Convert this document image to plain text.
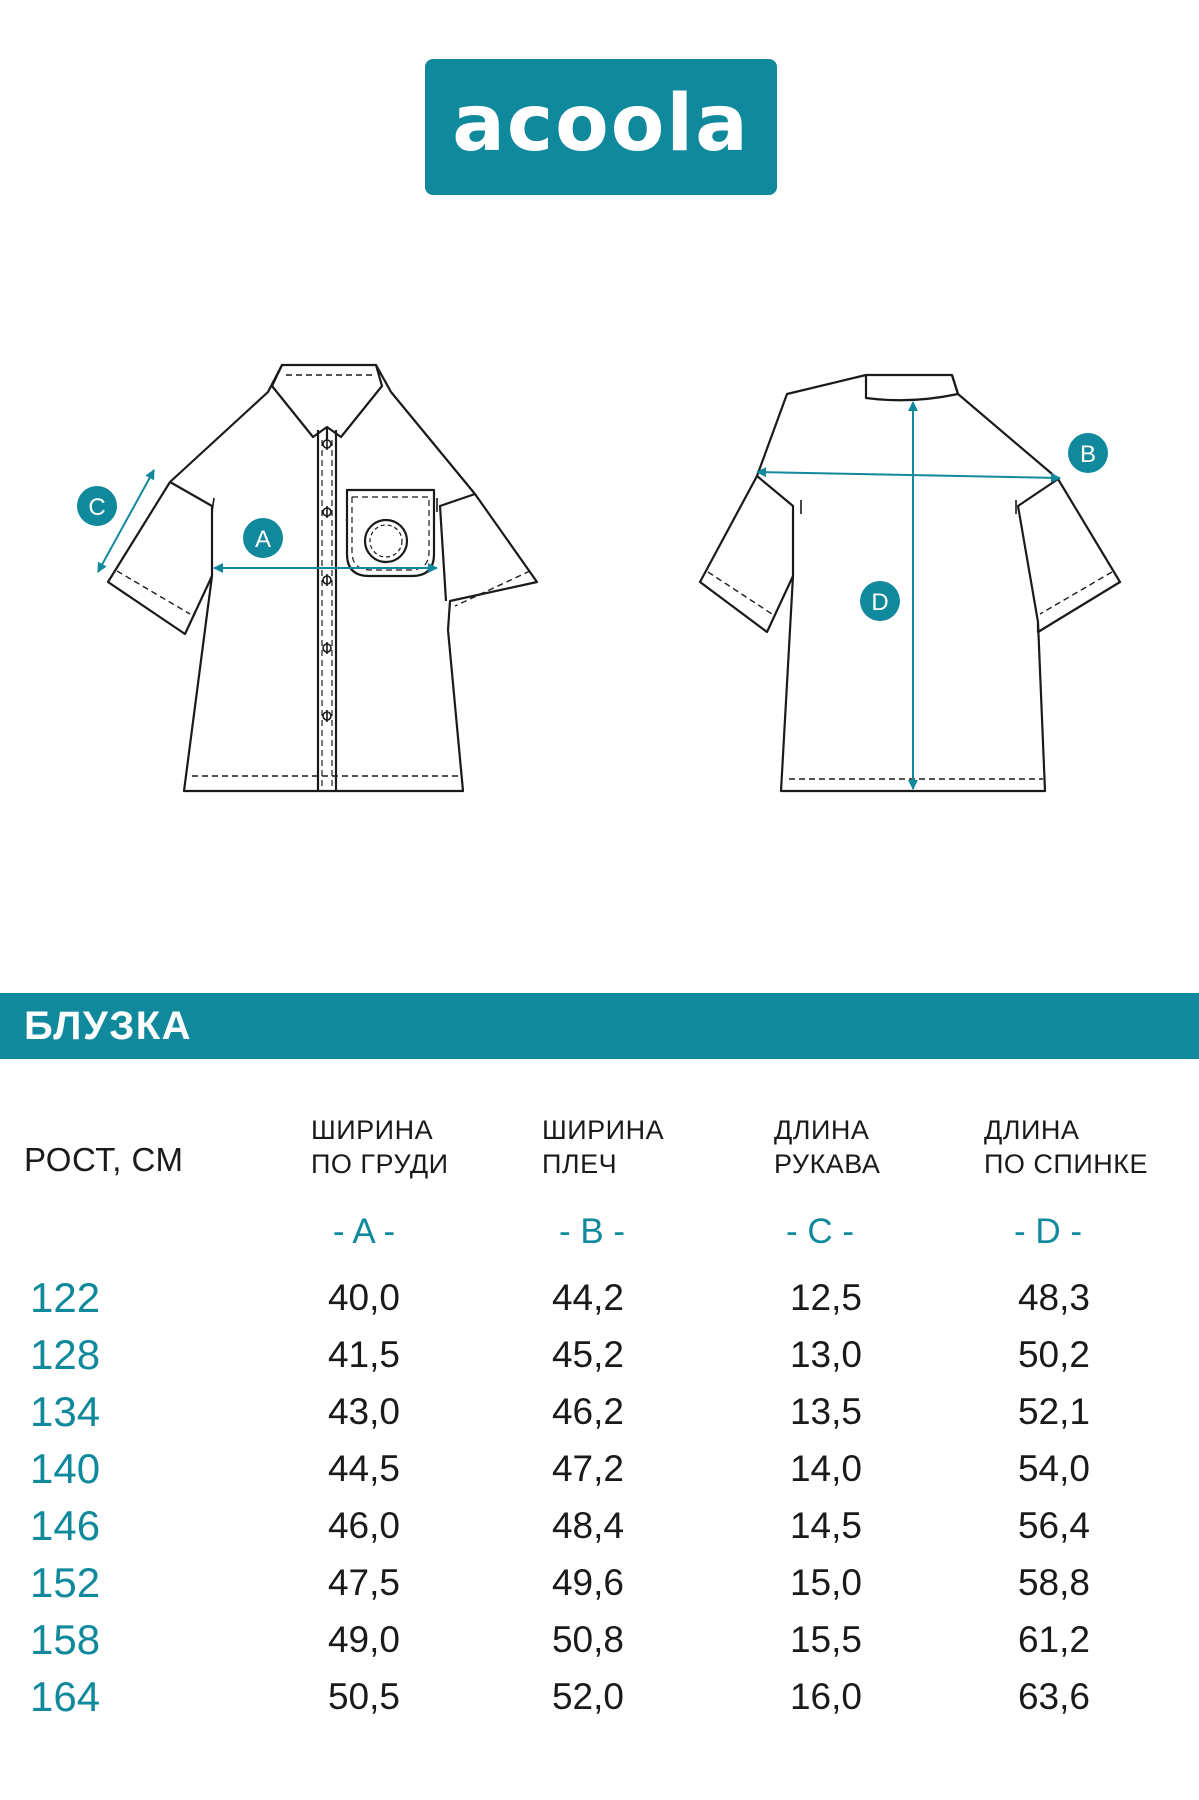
acoola
A
C
B
D
БЛУЗКА
РОСТ, СМ
ШИРИНА
ПО ГРУДИ
ШИРИНА
ПЛЕЧ
ДЛИНА
РУКАВА
ДЛИНА
ПО СПИНКЕ
- A -	- B -	- C -	- D -
122	40,0	44,2	12,5	48,3
128	41,5	45,2	13,0	50,2
134	43,0	46,2	13,5	52,1
140	44,5	47,2	14,0	54,0
146	46,0	48,4	14,5	56,4
152	47,5	49,6	15,0	58,8
158	49,0	50,8	15,5	61,2
164	50,5	52,0	16,0	63,6
